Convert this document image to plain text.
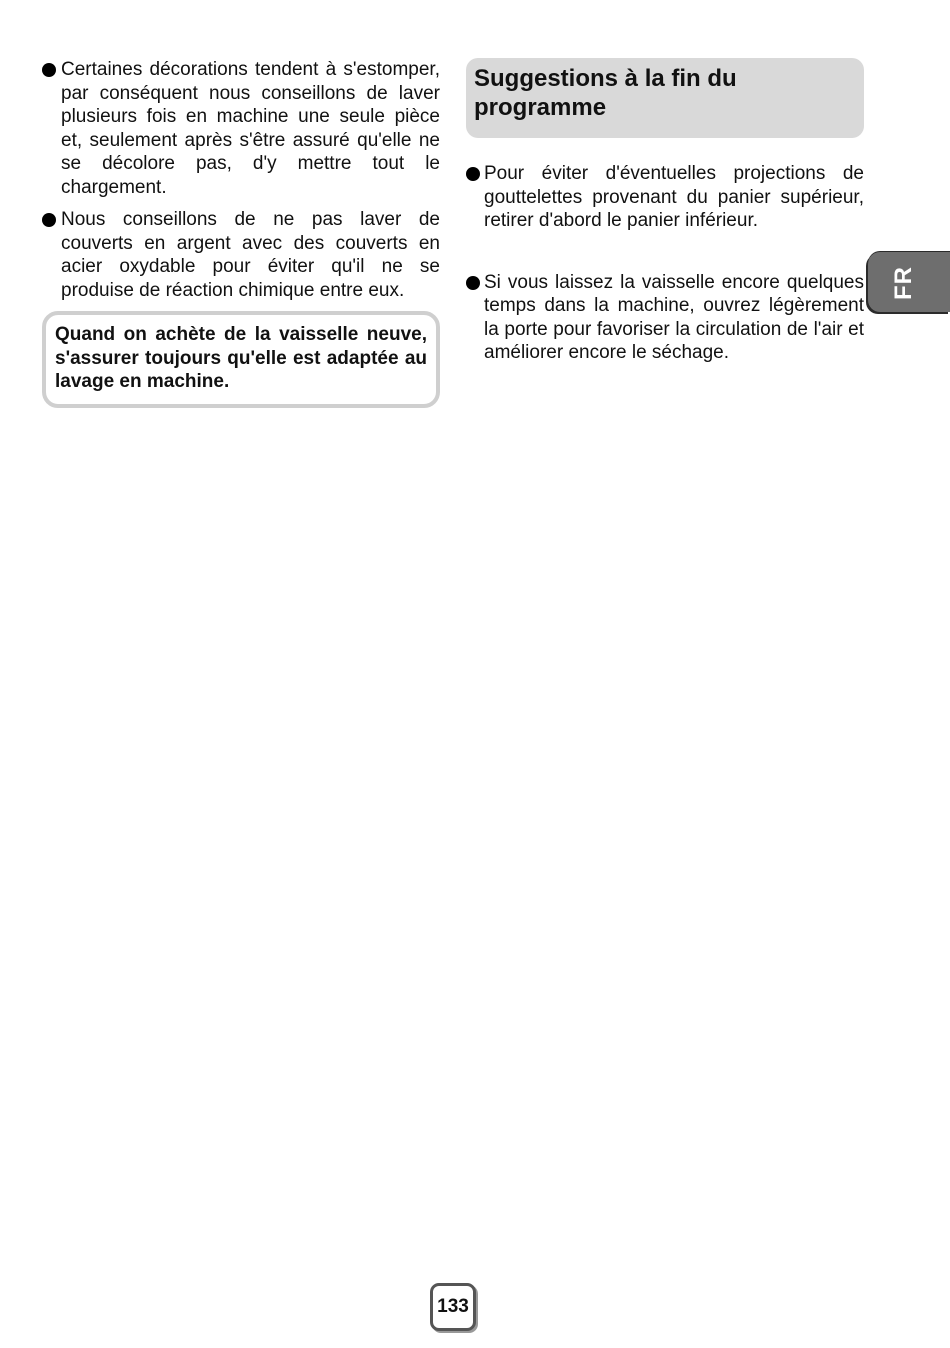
Certaines décorations tendent à s'estomper, par conséquent nous conseillons de laver plusieurs fois en machine une seule pièce et, seulement après s'être assuré qu'elle ne se décolore pas, d'y mettre tout le chargement.
Nous conseillons de ne pas laver de couverts en argent avec des couverts en acier oxydable pour éviter qu'il ne se produise de réaction chimique entre eux.
Quand on achète de la vaisselle neuve, s'assurer toujours qu'elle est adaptée au lavage en machine.
Suggestions à la fin du programme
Pour éviter d'éventuelles projections de gouttelettes provenant du panier supérieur, retirer d'abord le panier inférieur.
Si vous laissez la vaisselle encore quelques temps dans la machine, ouvrez légèrement la porte pour favoriser la circulation de l'air et améliorer encore le séchage.
FR
133
